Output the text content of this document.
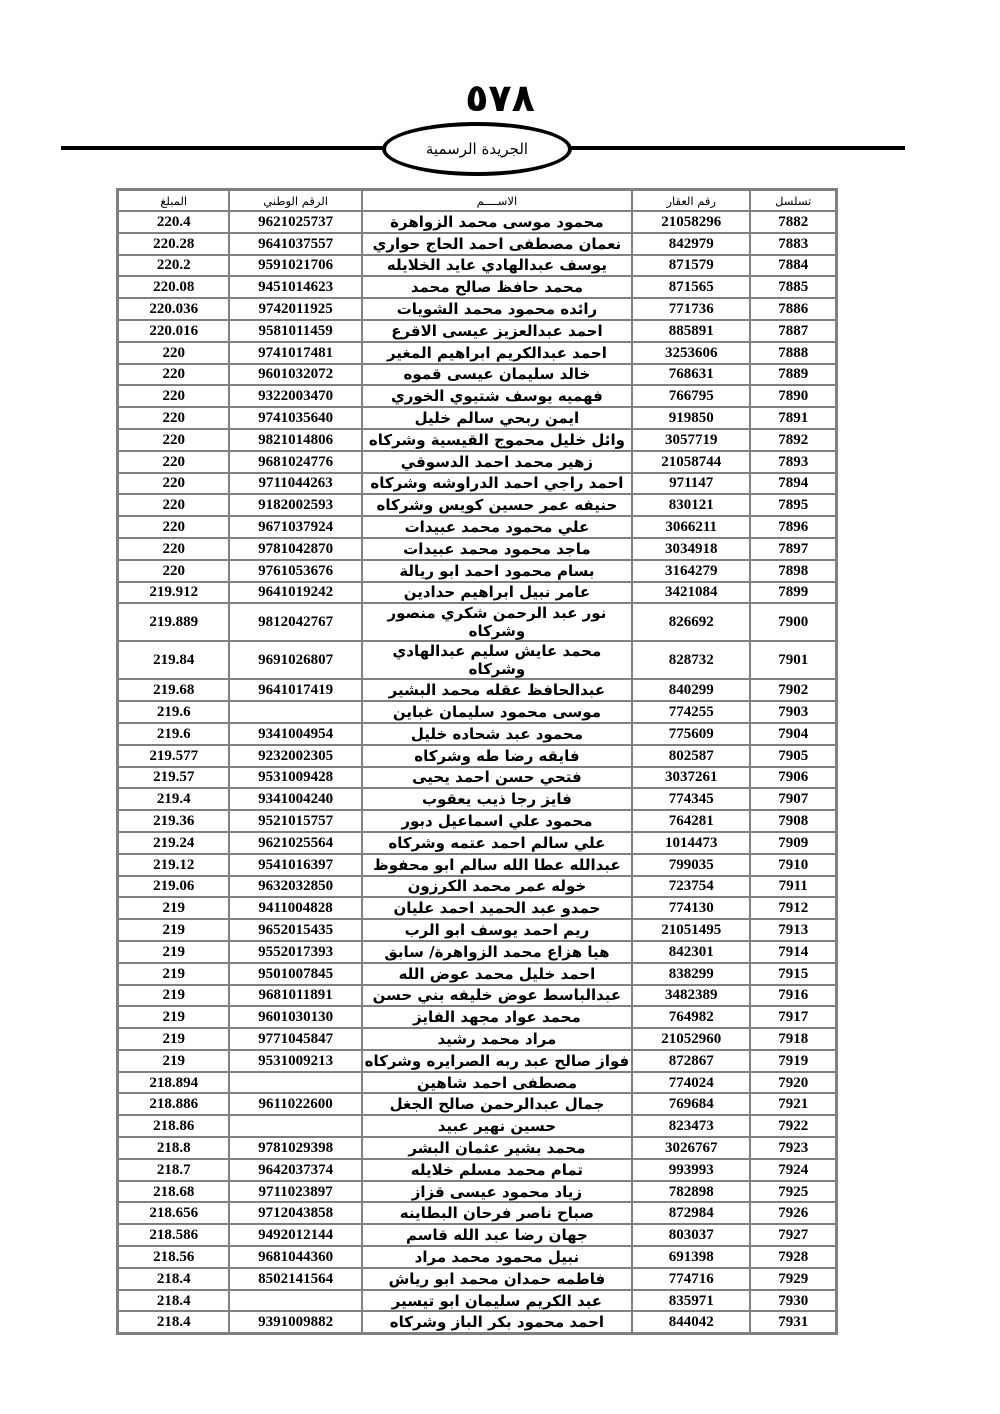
٥٧٨
الجريدة الرسمية
المبلغ	الرقم الوطني	الاســــم	رقم العقار	تسلسل
220.4	9621025737	محمود موسى محمد الزواهرة	21058296	7882
220.28	9641037557	نعمان مصطفى احمد الحاج حواري	842979	7883
220.2	9591021706	يوسف عبدالهادي عايد الخلايله	871579	7884
220.08	9451014623	محمد حافظ صالح محمد	871565	7885
220.036	9742011925	رائده محمود محمد الشويات	771736	7886
220.016	9581011459	احمد عبدالعزيز عيسى الاقرع	885891	7887
220	9741017481	احمد عبدالكريم ابراهيم المغير	3253606	7888
220	9601032072	خالد سليمان عيسى قموه	768631	7889
220	9322003470	فهميه يوسف شتيوي الخوري	766795	7890
220	9741035640	ايمن ربحي سالم خليل	919850	7891
220	9821014806	وائل خليل محموج القيسية وشركاه	3057719	7892
220	9681024776	زهير محمد احمد الدسوقي	21058744	7893
220	9711044263	احمد راجي احمد الدراوشه وشركاه	971147	7894
220	9182002593	حنيفه عمر حسين كويس وشركاه	830121	7895
220	9671037924	علي محمود محمد عبيدات	3066211	7896
220	9781042870	ماجد محمود محمد عبيدات	3034918	7897
220	9761053676	بسام محمود احمد ابو ريالة	3164279	7898
219.912	9641019242	عامر نبيل ابراهيم حدادين	3421084	7899
219.889	9812042767	نور عبد الرحمن شكري منصور وشركاه	826692	7900
219.84	9691026807	محمد عايش سليم عبدالهادي وشركاه	828732	7901
219.68	9641017419	عبدالحافظ عقله محمد البشير	840299	7902
219.6		موسى محمود سليمان غباين	774255	7903
219.6	9341004954	محمود عبد شحاده خليل	775609	7904
219.577	9232002305	فايقه رضا طه وشركاه	802587	7905
219.57	9531009428	فتحي حسن احمد يحيى	3037261	7906
219.4	9341004240	فايز رجا ذيب يعقوب	774345	7907
219.36	9521015757	محمود علي اسماعيل دبور	764281	7908
219.24	9621025564	علي سالم احمد عتمه وشركاه	1014473	7909
219.12	9541016397	عبدالله عطا الله سالم ابو محفوظ	799035	7910
219.06	9632032850	خوله عمر محمد الكرزون	723754	7911
219	9411004828	حمدو عبد الحميد احمد عليان	774130	7912
219	9652015435	ريم احمد يوسف ابو الرب	21051495	7913
219	9552017393	هيا هزاع محمد الزواهرة/ سابق	842301	7914
219	9501007845	احمد خليل محمد عوض الله	838299	7915
219	9681011891	عبدالباسط عوض خليفه بني حسن	3482389	7916
219	9601030130	محمد عواد مجهد الفايز	764982	7917
219	9771045847	مراد محمد رشيد	21052960	7918
219	9531009213	فواز صالح عبد ربه الصرايره وشركاه	872867	7919
218.894		مصطفى احمد شاهين	774024	7920
218.886	9611022600	جمال عبدالرحمن صالح الجغل	769684	7921
218.86		حسين نهير عبيد	823473	7922
218.8	9781029398	محمد بشير عثمان البشر	3026767	7923
218.7	9642037374	تمام محمد مسلم خلايله	993993	7924
218.68	9711023897	زياد محمود عيسى قزاز	782898	7925
218.656	9712043858	صباح ناصر فرحان البطاينه	872984	7926
218.586	9492012144	جهان رضا عبد الله قاسم	803037	7927
218.56	9681044360	نبيل محمود محمد مراد	691398	7928
218.4	8502141564	فاطمه حمدان محمد ابو رياش	774716	7929
218.4		عبد الكريم سليمان ابو تيسير	835971	7930
218.4	9391009882	احمد محمود بكر الباز وشركاه	844042	7931
